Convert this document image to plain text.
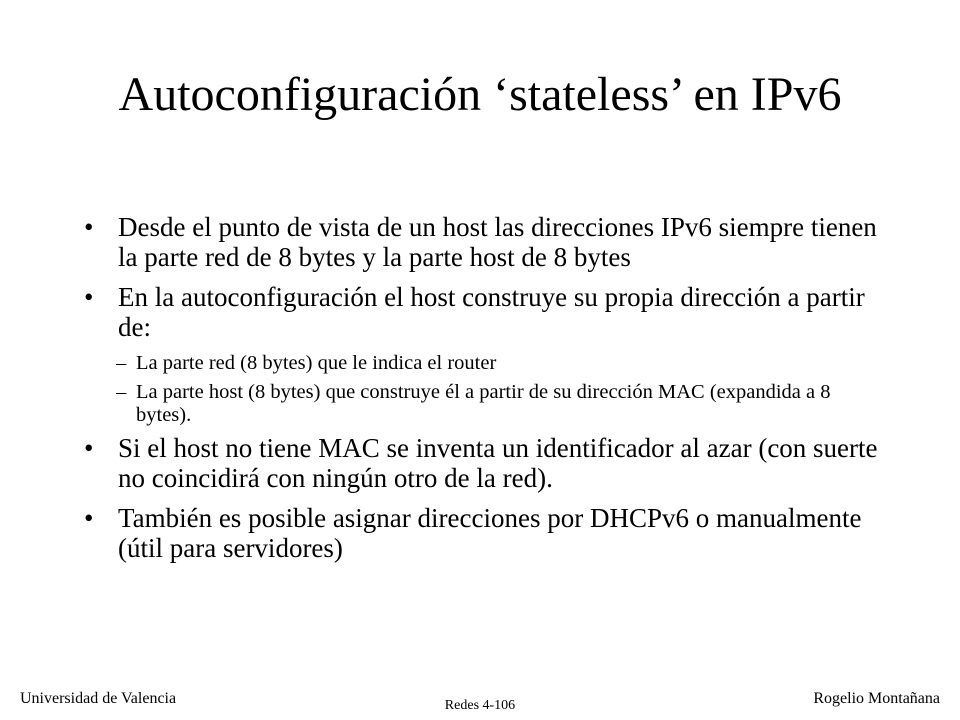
Autoconfiguración ‘stateless’ en IPv6
• Desde el punto de vista de un host las direcciones IPv6 siempre tienen la parte red de 8 bytes y la parte host de 8 bytes
• En la autoconfiguración el host construye su propia dirección a partir de:
– La parte red (8 bytes) que le indica el router
– La parte host (8 bytes) que construye él a partir de su dirección MAC (expandida a 8 bytes).
• Si el host no tiene MAC se inventa un identificador al azar (con suerte no coincidirá con ningún otro de la red).
• También es posible asignar direcciones por DHCPv6 o manualmente (útil para servidores)
Universidad de Valencia	Redes 4-106	Rogelio Montañana
